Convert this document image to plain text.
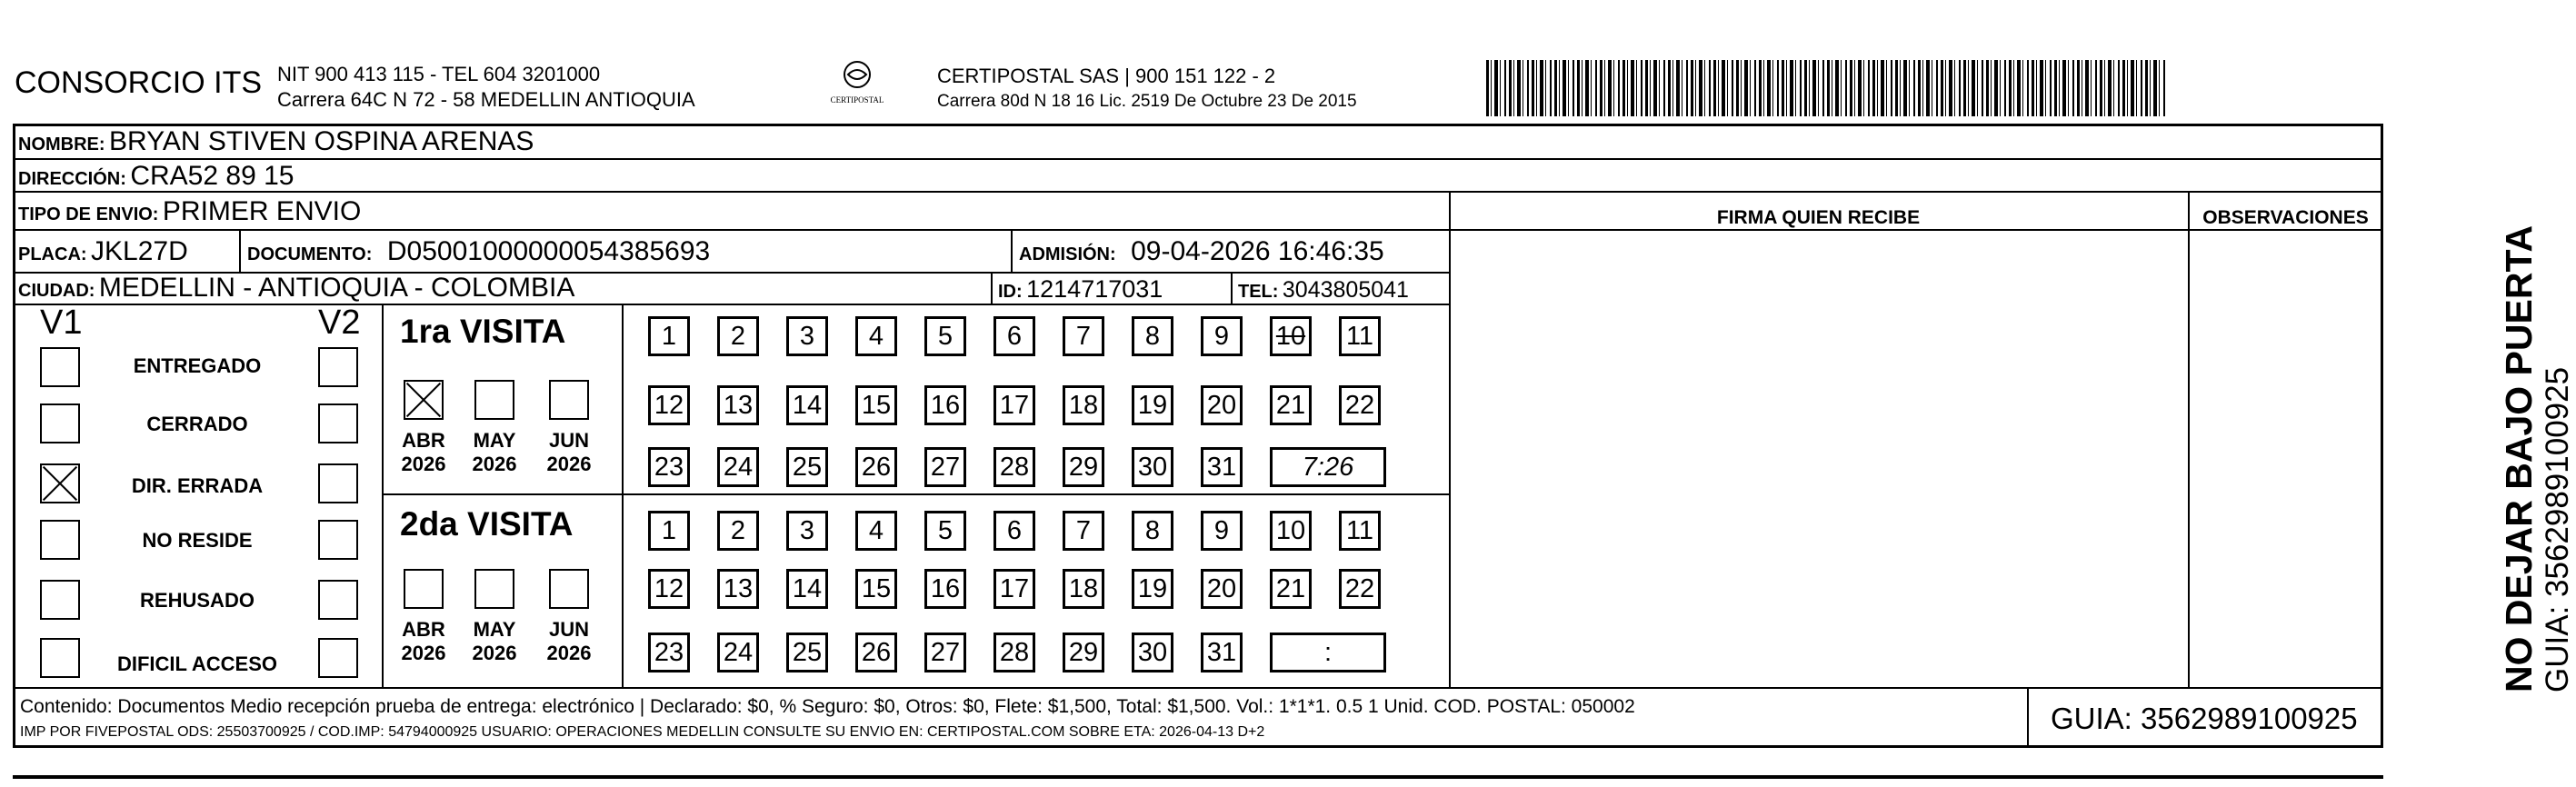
CONSORCIO ITS NIT 900 413 115 - TEL 604 3201000
Carrera 64C N 72 - 58 MEDELLIN ANTIOQUIA	CERTIPOSTAL
CERTIPOSTAL SAS | 900 151 122 - 2
Carrera 80d N 18 16 Lic. 2519 De Octubre 23 De 2015
NOMBRE: BRYAN STIVEN OSPINA ARENAS
DIRECCIÓN: CRA52 89 15
TIPO DE ENVIO: PRIMER ENVIO	FIRMA QUIEN RECIBE	OBSERVACIONES
PLACA: JKL27D	DOCUMENTO: D05001000000054385693	ADMISIÓN: 09-04-2026 16:46:35
CIUDAD: MEDELLIN - ANTIOQUIA - COLOMBIA	ID: 1214717031	TEL: 3043805041
V1	V2
ENTREGADO
CERRADO
DIR. ERRADA
NO RESIDE
REHUSADO
DIFICIL ACCESO
1ra VISITA
ABR
2026
MAY
2026
JUN
2026
2da VISITA
ABR
2026
MAY
2026
JUN
2026
1	2	3	4	5	6	7	8	9	10 11
12 13 14 15 16 17 18 19 20 21 22
23 24 25 26 27 28 29 30 31	7:26
1	2	3	4	5	6	7	8	9	10 11
12 13 14 15 16 17 18 19 20 21 22
23 24 25 26 27 28 29 30 31	:
Contenido: Documentos Medio recepción prueba de entrega: electrónico | Declarado: $0, % Seguro: $0, Otros: $0, Flete: $1,500, Total: $1,500. Vol.: 1*1*1. 0.5 1 Unid. COD. POSTAL: 050002
IMP POR FIVEPOSTAL ODS: 25503700925 / COD.IMP: 54794000925 USUARIO: OPERACIONES MEDELLIN CONSULTE SU ENVIO EN: CERTIPOSTAL.COM SOBRE ETA: 2026-04-13 D+2	GUIA: 3562989100925
NO DEJAR BAJO PUERTA GUIA: 3562989100925
